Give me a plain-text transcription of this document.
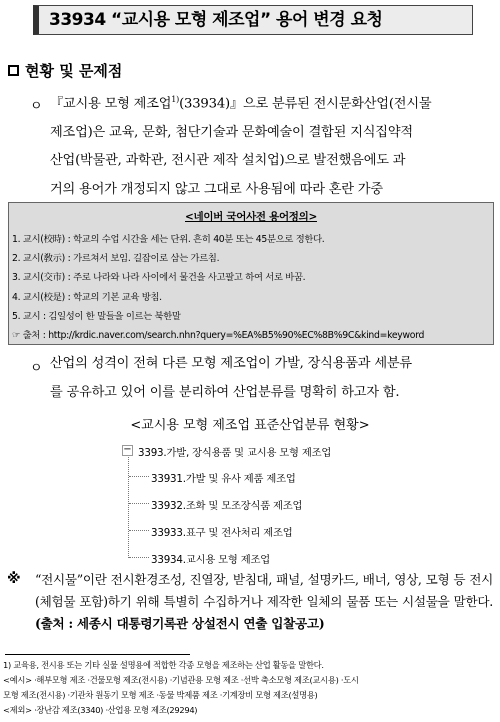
33934 “교시용 모형 제조업” 용어 변경 요청
현황 및 문제점
ㅇ 『교시용 모형 제조업$^{1)}$(33934)』으로 분류된 전시문화산업(전시물
제조업)은 교육, 문화, 첨단기술과 문화예술이 결합된 지식집약적
산업(박물관, 과학관, 전시관 제작 설치업)으로 발전했음에도 과
거의 용어가 개정되지 않고 그대로 사용됨에 따라 혼란 가중
<네이버 국어사전 용어정의>
1. 교시(校時) : 학교의 수업 시간을 세는 단위. 흔히 40분 또는 45분으로 정한다.
2. 교시(敎示) : 가르쳐서 보임. 길잡이로 삼는 가르침.
3. 교시(交市) : 주로 나라와 나라 사이에서 물건을 사고팔고 하여 서로 바꿈.
4. 교시(校是) : 학교의 기본 교육 방침.
5. 교시 : 김일성이 한 말들을 이르는 북한말
☞ 출처 : http://krdic.naver.com/search.nhn?query=%EA%B5%90%EC%8B%9C&kind=keyword
ㅇ 산업의 성격이 전혀 다른 모형 제조업이 가발, 장식용품과 세분류
를 공유하고 있어 이를 분리하여 산업분류를 명확히 하고자 함.
<교시용 모형 제조업 표준산업분류 현황>
− 3393.가발, 장식용품 및 교시용 모형 제조업
33931.가발 및 유사 제품 제조업
33932.조화 및 모조장식품 제조업
33933.표구 및 전사처리 제조업
33934.교시용 모형 제조업
※ “전시물”이란 전시환경조성, 진열장, 받침대, 패널, 설명카드, 배너, 영상, 모형 등 전시(체험물 포함)하기 위해 특별히 수집하거나 제작한 일체의 물품 또는 시설물을 말한다.(출처 : 세종시 대통령기록관 상설전시 연출 입찰공고)
1) 교육용, 전시용 또는 기타 실물 설명용에 적합한 각종 모형을 제조하는 산업 활동을 말한다.
<예시> ·해부모형 제조 ·건물모형 제조(전시용) ·기념관용 모형 제조 ·선박 축소모형 제조(교시용) ·도시
모형 제조(전시용) ·기관차 원동기 모형 제조 ·동물 박제품 제조 ·기계장비 모형 제조(설명용)
<제외> ·장난감 제조(3340) ·산업용 모형 제조(29294)
